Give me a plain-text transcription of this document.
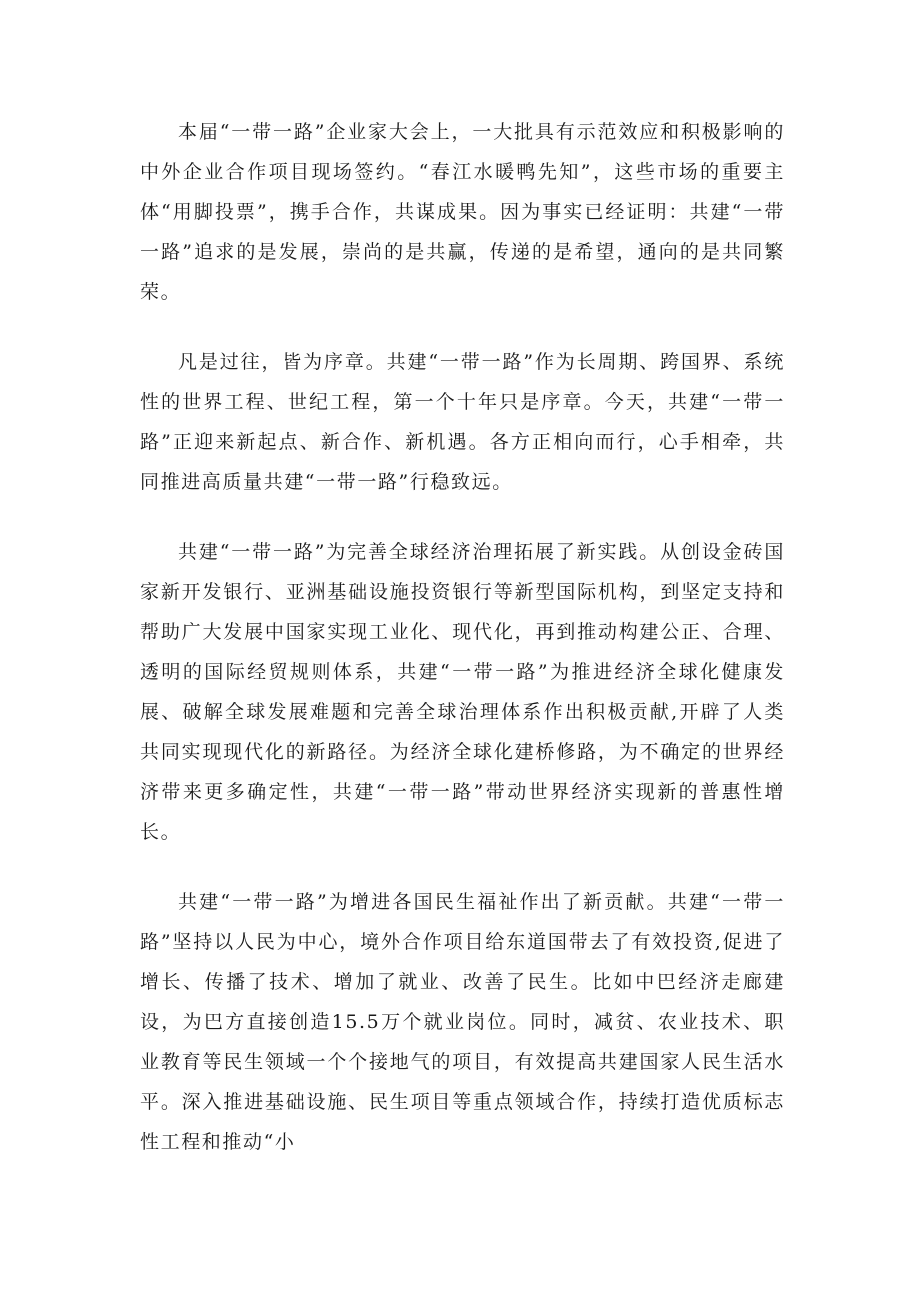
本届“一带一路”企业家大会上，一大批具有示范效应和积极影响的中外企业合作项目现场签约。“春江水暖鸭先知”，这些市场的重要主体“用脚投票”，携手合作，共谋成果。因为事实已经证明：共建“一带一路”追求的是发展，崇尚的是共赢，传递的是希望，通向的是共同繁荣。

凡是过往，皆为序章。共建“一带一路”作为长周期、跨国界、系统性的世界工程、世纪工程，第一个十年只是序章。今天，共建“一带一路”正迎来新起点、新合作、新机遇。各方正相向而行，心手相牵，共同推进高质量共建“一带一路”行稳致远。

共建“一带一路”为完善全球经济治理拓展了新实践。从创设金砖国家新开发银行、亚洲基础设施投资银行等新型国际机构，到坚定支持和帮助广大发展中国家实现工业化、现代化，再到推动构建公正、合理、透明的国际经贸规则体系，共建“一带一路”为推进经济全球化健康发展、破解全球发展难题和完善全球治理体系作出积极贡献,开辟了人类共同实现现代化的新路径。为经济全球化建桥修路，为不确定的世界经济带来更多确定性，共建“一带一路”带动世界经济实现新的普惠性增长。

共建“一带一路”为增进各国民生福祉作出了新贡献。共建“一带一路”坚持以人民为中心，境外合作项目给东道国带去了有效投资,促进了增长、传播了技术、增加了就业、改善了民生。比如中巴经济走廊建设，为巴方直接创造15.5万个就业岗位。同时，减贫、农业技术、职业教育等民生领域一个个接地气的项目，有效提高共建国家人民生活水平。深入推进基础设施、民生项目等重点领域合作，持续打造优质标志性工程和推动“小
